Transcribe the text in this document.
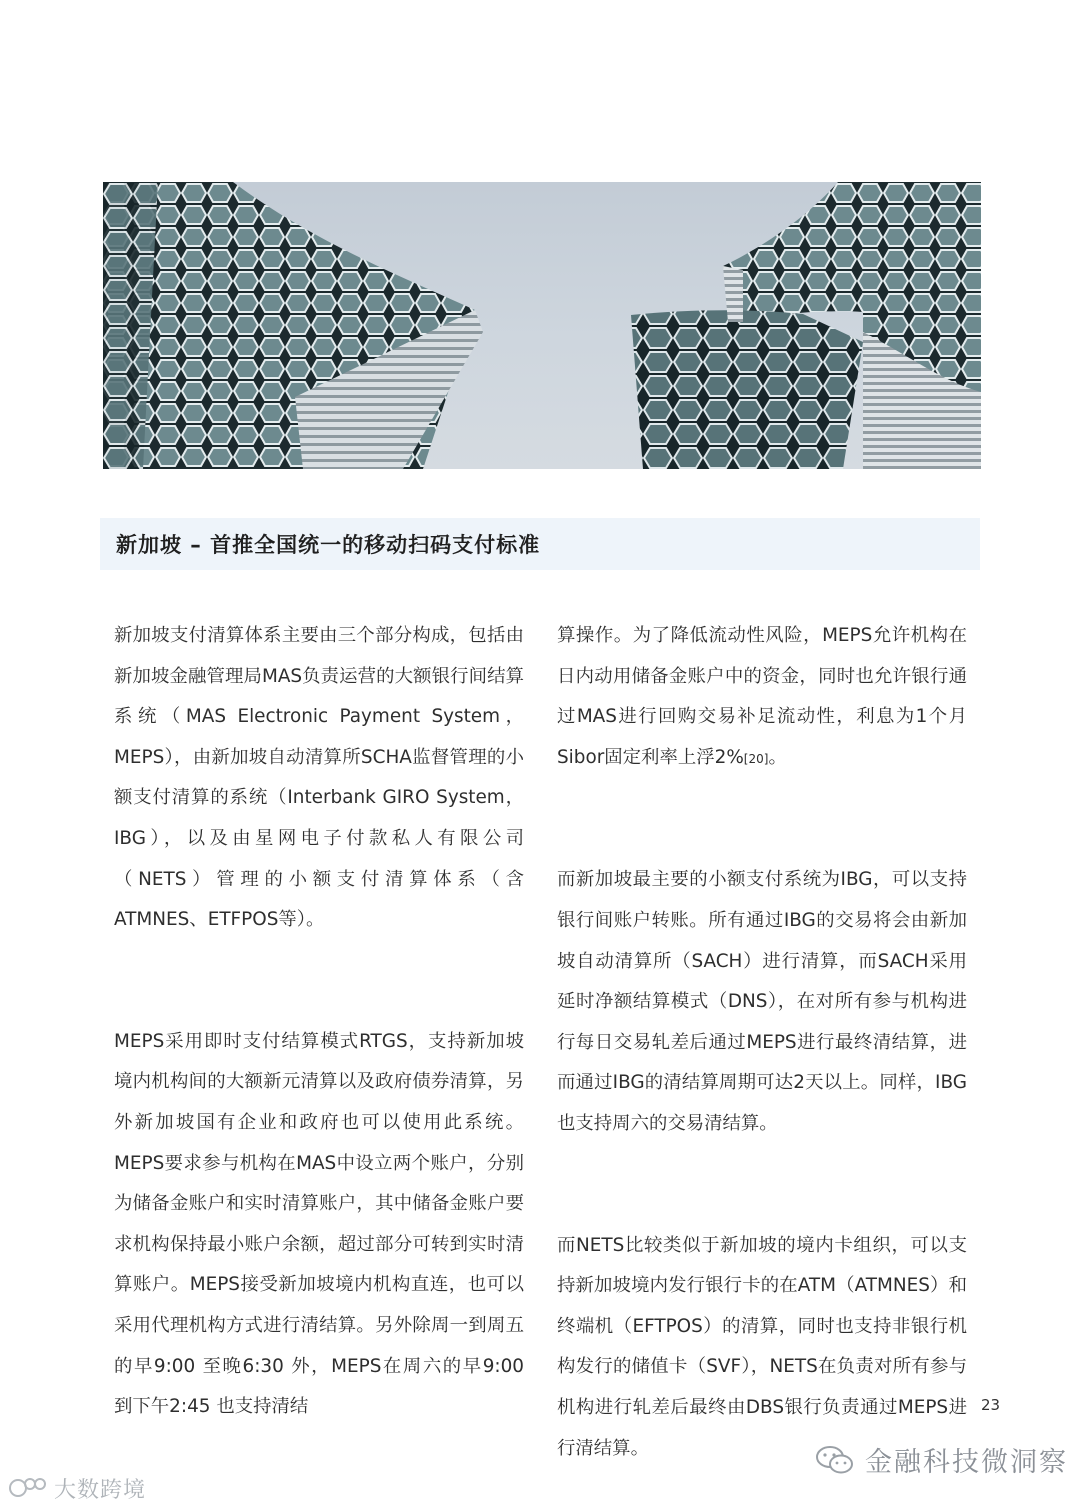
新加坡 – 首推全国统一的移动扫码支付标准

新加坡支付清算体系主要由三个部分构成，包括由新加坡金融管理局MAS负责运营的大额银行间结算系统（MAS Electronic Payment System，MEPS），由新加坡自动清算所SCHA监督管理的小额支付清算的系统（Interbank GIRO System，IBG），以及由星网电子付款私人有限公司（NETS）管理的小额支付清算体系（含ATMNES、ETFPOS等）。

MEPS采用即时支付结算模式RTGS，支持新加坡境内机构间的大额新元清算以及政府债券清算，另外新加坡国有企业和政府也可以使用此系统。MEPS要求参与机构在MAS中设立两个账户，分别为储备金账户和实时清算账户，其中储备金账户要求机构保持最小账户余额，超过部分可转到实时清算账户。MEPS接受新加坡境内机构直连，也可以采用代理机构方式进行清结算。另外除周一到周五的早9:00 至晚6:30 外，MEPS在周六的早9:00 到下午2:45 也支持清结

算操作。为了降低流动性风险，MEPS允许机构在日内动用储备金账户中的资金，同时也允许银行通过MAS进行回购交易补足流动性，利息为1个月Sibor固定利率上浮2%[20]。

而新加坡最主要的小额支付系统为IBG，可以支持银行间账户转账。所有通过IBG的交易将会由新加坡自动清算所（SACH）进行清算，而SACH采用延时净额结算模式（DNS），在对所有参与机构进行每日交易轧差后通过MEPS进行最终清结算，进而通过IBG的清结算周期可达2天以上。同样，IBG也支持周六的交易清结算。

而NETS比较类似于新加坡的境内卡组织，可以支持新加坡境内发行银行卡的在ATM（ATMNES）和终端机（EFTPOS）的清算，同时也支持非银行机构发行的储值卡（SVF），NETS在负责对所有参与机构进行轧差后最终由DBS银行负责通过MEPS进行清结算。

23
金融科技微洞察
大数跨境
